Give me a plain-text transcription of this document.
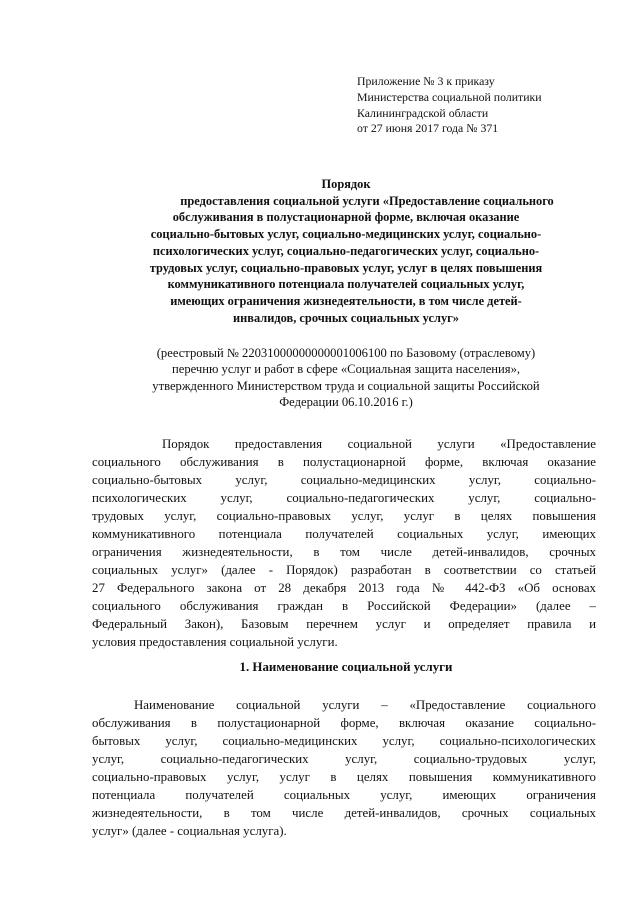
Приложение № 3 к приказу
Министерства социальной политики
Калининградской области
от 27 июня 2017 года № 371
Порядок
предоставления социальной услуги «Предоставление социального
обслуживания в полустационарной форме, включая оказание
социально-бытовых услуг, социально-медицинских услуг, социально-
психологических услуг, социально-педагогических услуг, социально-
трудовых услуг, социально-правовых услуг, услуг в целях повышения
коммуникативного потенциала получателей социальных услуг,
имеющих ограничения жизнедеятельности, в том числе детей-
инвалидов, срочных социальных услуг»
(реестровый № 22031000000000001006100 по Базовому (отраслевому)
перечню услуг и работ в сфере «Социальная защита населения»,
утвержденного Министерством труда и социальной защиты Российской
Федерации 06.10.2016 г.)
Порядок предоставления социальной услуги «Предоставление
социального обслуживания в полустационарной форме, включая оказание
социально-бытовых услуг, социально-медицинских услуг, социально-
психологических услуг, социально-педагогических услуг, социально-
трудовых услуг, социально-правовых услуг, услуг в целях повышения
коммуникативного потенциала получателей социальных услуг, имеющих
ограничения жизнедеятельности, в том числе детей-инвалидов, срочных
социальных услуг» (далее - Порядок) разработан в соответствии со статьей
27 Федерального закона от 28 декабря 2013 года № 442-ФЗ «Об основах
социального обслуживания граждан в Российской Федерации» (далее –
Федеральный Закон), Базовым перечнем услуг и определяет правила и
условия предоставления социальной услуги.
1. Наименование социальной услуги
Наименование социальной услуги – «Предоставление социального
обслуживания в полустационарной форме, включая оказание социально-
бытовых услуг, социально-медицинских услуг, социально-психологических
услуг, социально-педагогических услуг, социально-трудовых услуг,
социально-правовых услуг, услуг в целях повышения коммуникативного
потенциала получателей социальных услуг, имеющих ограничения
жизнедеятельности, в том числе детей-инвалидов, срочных социальных
услуг» (далее - социальная услуга).
